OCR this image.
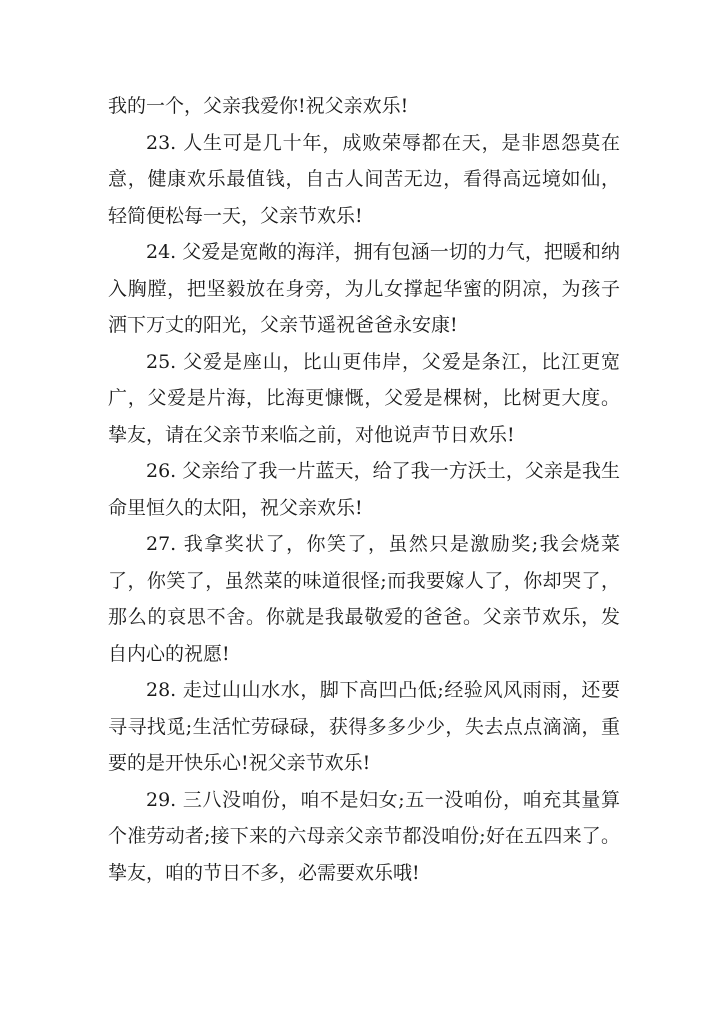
我的一个，父亲我爱你!祝父亲欢乐!

23. 人生可是几十年，成败荣辱都在天，是非恩怨莫在意，健康欢乐最值钱，自古人间苦无边，看得高远境如仙，轻简便松每一天，父亲节欢乐!

24. 父爱是宽敞的海洋，拥有包涵一切的力气，把暖和纳入胸膛，把坚毅放在身旁，为儿女撑起华蜜的阴凉，为孩子洒下万丈的阳光，父亲节遥祝爸爸永安康!

25. 父爱是座山，比山更伟岸，父爱是条江，比江更宽广，父爱是片海，比海更慷慨，父爱是棵树，比树更大度。挚友，请在父亲节来临之前，对他说声节日欢乐!

26. 父亲给了我一片蓝天，给了我一方沃土，父亲是我生命里恒久的太阳，祝父亲欢乐!

27. 我拿奖状了，你笑了，虽然只是激励奖;我会烧菜了，你笑了，虽然菜的味道很怪;而我要嫁人了，你却哭了，那么的哀思不舍。你就是我最敬爱的爸爸。父亲节欢乐，发自内心的祝愿!

28. 走过山山水水，脚下高凹凸低;经验风风雨雨，还要寻寻找觅;生活忙劳碌碌，获得多多少少，失去点点滴滴，重要的是开快乐心!祝父亲节欢乐!

29. 三八没咱份，咱不是妇女;五一没咱份，咱充其量算个准劳动者;接下来的六母亲父亲节都没咱份;好在五四来了。挚友，咱的节日不多，必需要欢乐哦!
